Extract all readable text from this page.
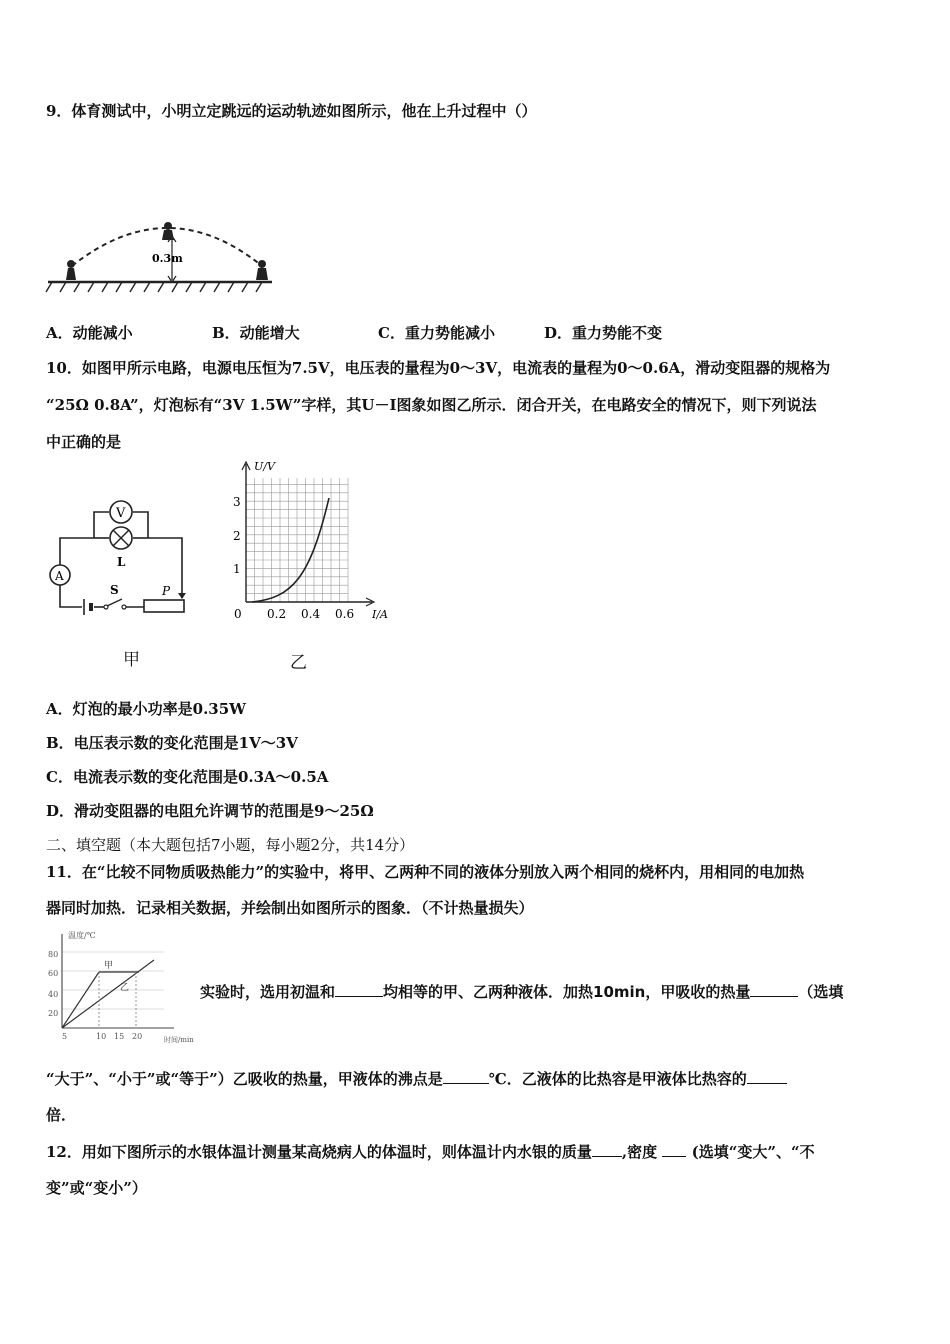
9．体育测试中，小明立定跳远的运动轨迹如图所示，他在上升过程中（）
0.3m
A．动能减小	B．动能增大	C．重力势能减小	D．重力势能不变
10．如图甲所示电路，电源电压恒为7.5V，电压表的量程为0～3V，电流表的量程为0～0.6A，滑动变阻器的规格为
“25Ω 0.8A”，灯泡标有“3V 1.5W”字样，其U－I图象如图乙所示．闭合开关，在电路安全的情况下，则下列说法
中正确的是
V
L
A
S	P
甲
U/V
I/A
1
2
3
0 0.2 0.4 0.6
乙
A．灯泡的最小功率是0.35W
B．电压表示数的变化范围是1V～3V
C．电流表示数的变化范围是0.3A～0.5A
D．滑动变阻器的电阻允许调节的范围是9～25Ω
二、填空题（本大题包括7小题，每小题2分，共14分）
11．在“比较不同物质吸热能力”的实验中，将甲、乙两种不同的液体分别放入两个相同的烧杯内，用相同的电加热
器同时加热．记录相关数据，并绘制出如图所示的图象．（不计热量损失）
温度/℃
时间/min
20
40
60
80
5	10 15 20
甲
乙	实验时，选用初温和	均相等的甲、乙两种液体．加热10min，甲吸收的热量	（选填
“大于”、“小于”或“等于”）乙吸收的热量，甲液体的沸点是	℃．乙液体的比热容是甲液体比热容的
倍．
12．用如下图所示的水银体温计测量某高烧病人的体温时，则体温计内水银的质量 ,密度 (选填“变大”、“不
变”或“变小”）
